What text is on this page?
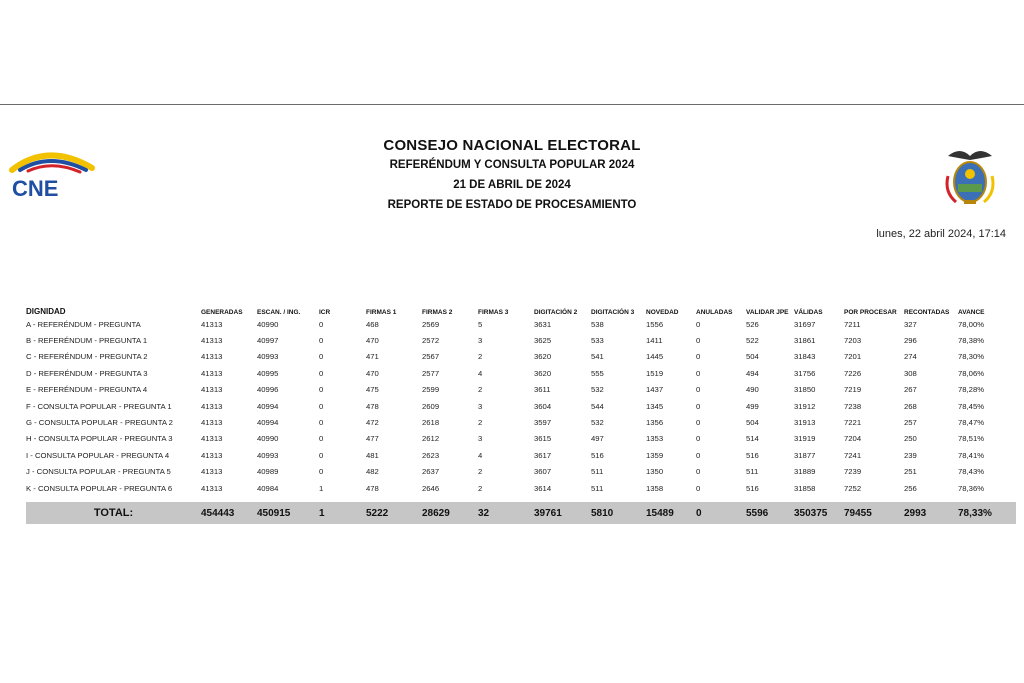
CNE
CONSEJO NACIONAL ELECTORAL
REFERÉNDUM Y CONSULTA POPULAR 2024
21 DE ABRIL DE 2024
REPORTE DE ESTADO DE PROCESAMIENTO
lunes, 22 abril 2024, 17:14
DIGNIDAD	GENERADAS	ESCAN. / ING.	ICR	FIRMAS 1	FIRMAS 2	FIRMAS 3	DIGITACIÓN 2	DIGITACIÓN 3	NOVEDAD	ANULADAS	VALIDAR JPE	VÁLIDAS	POR PROCESAR	RECONTADAS	AVANCE
A - REFERÉNDUM - PREGUNTA	41313	40990	0	468	2569	5	3631	538	1556	0	526	31697	7211	327	78,00%
B - REFERÉNDUM - PREGUNTA 1	41313	40997	0	470	2572	3	3625	533	1411	0	522	31861	7203	296	78,38%
C - REFERÉNDUM - PREGUNTA 2	41313	40993	0	471	2567	2	3620	541	1445	0	504	31843	7201	274	78,30%
D - REFERÉNDUM - PREGUNTA 3	41313	40995	0	470	2577	4	3620	555	1519	0	494	31756	7226	308	78,06%
E - REFERÉNDUM - PREGUNTA 4	41313	40996	0	475	2599	2	3611	532	1437	0	490	31850	7219	267	78,28%
F - CONSULTA POPULAR - PREGUNTA 1	41313	40994	0	478	2609	3	3604	544	1345	0	499	31912	7238	268	78,45%
G - CONSULTA POPULAR - PREGUNTA 2	41313	40994	0	472	2618	2	3597	532	1356	0	504	31913	7221	257	78,47%
H - CONSULTA POPULAR - PREGUNTA 3	41313	40990	0	477	2612	3	3615	497	1353	0	514	31919	7204	250	78,51%
I - CONSULTA POPULAR - PREGUNTA 4	41313	40993	0	481	2623	4	3617	516	1359	0	516	31877	7241	239	78,41%
J - CONSULTA POPULAR - PREGUNTA 5	41313	40989	0	482	2637	2	3607	511	1350	0	511	31889	7239	251	78,43%
K - CONSULTA POPULAR - PREGUNTA 6	41313	40984	1	478	2646	2	3614	511	1358	0	516	31858	7252	256	78,36%

TOTAL:	454443	450915	1	5222	28629	32	39761	5810	15489	0	5596	350375	79455	2993	78,33%
